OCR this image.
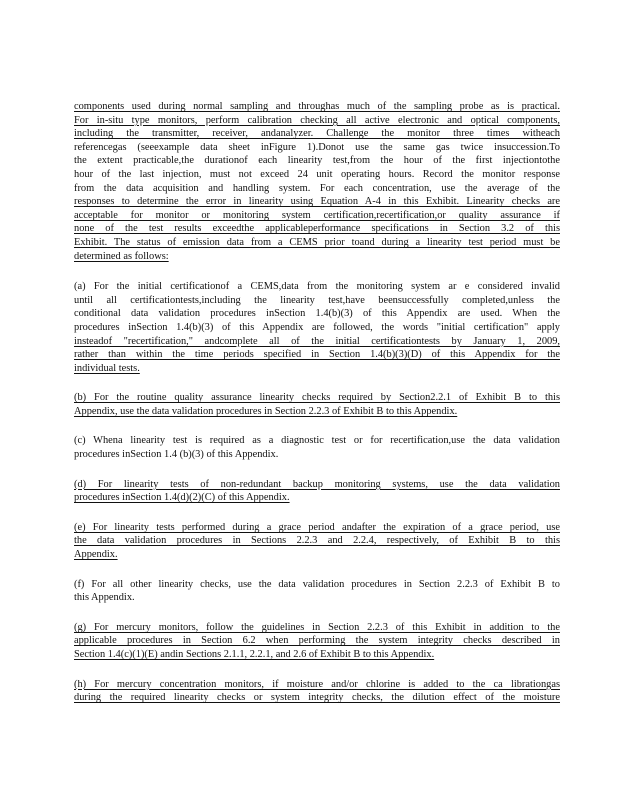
components used during normal sampling and throughas much of the sampling probe as is practical.
For in-situ type monitors, perform calibration checking all active electronic and optical components,
including the transmitter, receiver, andanalyzer. Challenge the monitor three times witheach
referencegas (seeexample data sheet inFigure 1).Donot use the same gas twice insuccession.To
the extent practicable,the durationof each linearity test,from the hour of the first injectiontothe
hour of the last injection, must not exceed 24 unit operating hours. Record the monitor response
from the data acquisition and handling system. For each concentration, use the average of the
responses to determine the error in linearity using Equation A-4 in this Exhibit. Linearity checks are
acceptable for monitor or monitoring system certification,recertification,or quality assurance if
none of the test results exceedthe applicableperformance specifications in Section 3.2 of this
Exhibit. The status of emission data from a CEMS prior toand during a linearity test period must be
determined as follows:
(a) For the initial certificationof a CEMS,data from the monitoring system ar e considered invalid
until all certificationtests,including the linearity test,have beensuccessfully completed,unless the
conditional data validation procedures inSection 1.4(b)(3) of this Appendix are used. When the
procedures inSection 1.4(b)(3) of this Appendix are followed, the words "initial certification" apply
insteadof "recertification," andcomplete all of the initial certificationtests by January 1, 2009,
rather than within the time periods specified in Section 1.4(b)(3)(D) of this Appendix for the
individual tests.
(b) For the routine quality assurance linearity checks required by Section2.2.1 of Exhibit B to this
Appendix, use the data validation procedures in Section 2.2.3 of Exhibit B to this Appendix.
(c) Whena linearity test is required as a diagnostic test or for recertification,use the data validation
procedures inSection 1.4 (b)(3) of this Appendix.
(d) For linearity tests of non-redundant backup monitoring systems, use the data validation
procedures inSection 1.4(d)(2)(C) of this Appendix.
(e) For linearity tests performed during a grace period andafter the expiration of a grace period, use
the data validation procedures in Sections 2.2.3 and 2.2.4, respectively, of Exhibit B to this
Appendix.
(f) For all other linearity checks, use the data validation procedures in Section 2.2.3 of Exhibit B to
this Appendix.
(g) For mercury monitors, follow the guidelines in Section 2.2.3 of this Exhibit in addition to the
applicable procedures in Section 6.2 when performing the system integrity checks described in
Section 1.4(c)(1)(E) andin Sections 2.1.1, 2.2.1, and 2.6 of Exhibit B to this Appendix.
(h) For mercury concentration monitors, if moisture and/or chlorine is added to the ca librationgas
during the required linearity checks or system integrity checks, the dilution effect of the moisture
